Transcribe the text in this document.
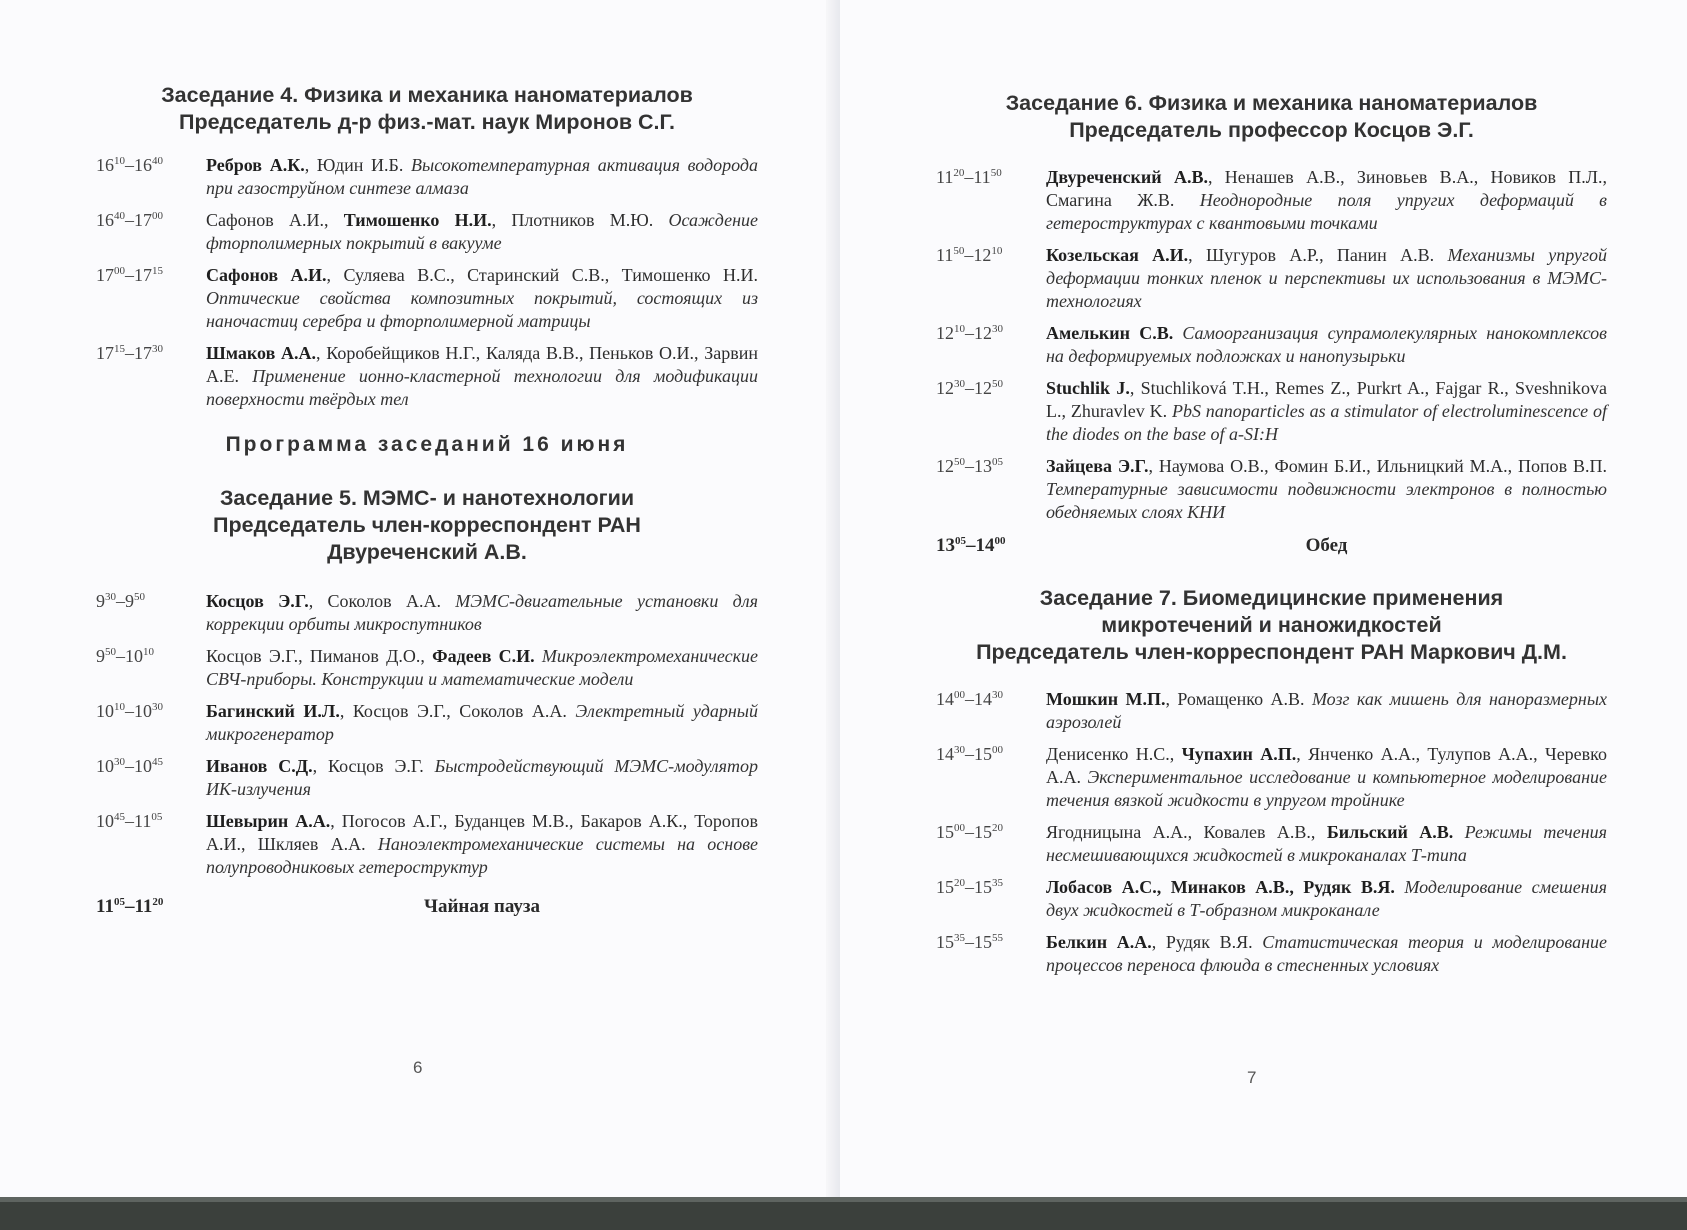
Заседание 4. Физика и механика наноматериалов
Председатель д-р физ.-мат. наук Миронов С.Г.
$16^{10}-16^{40}$	Ребров А.К., Юдин И.Б. Высокотемпературная активация водорода при газоструйном синтезе алмаза
$16^{40}-17^{00}$	Сафонов А.И., Тимошенко Н.И., Плотников М.Ю. Осаждение фторполимерных покрытий в вакууме
$17^{00}-17^{15}$	Сафонов А.И., Суляева В.С., Старинский С.В., Тимошенко Н.И. Оптические свойства композитных покрытий, состоящих из наночастиц серебра и фторполимерной матрицы
$17^{15}-17^{30}$	Шмаков А.А., Коробейщиков Н.Г., Каляда В.В., Пеньков О.И., Зарвин А.Е. Применение ионно-кластерной технологии для модификации поверхности твёрдых тел
Программа заседаний 16 июня
Заседание 5. МЭМС- и нанотехнологии
Председатель член-корреспондент РАН
Двуреченский А.В.
$9^{30}-9^{50}$	Косцов Э.Г., Соколов А.А. МЭМС-двигательные установки для коррекции орбиты микроспутников
$9^{50}-10^{10}$	Косцов Э.Г., Пиманов Д.О., Фадеев С.И. Микроэлектромеханические СВЧ-приборы. Конструкции и математические модели
$10^{10}-10^{30}$	Багинский И.Л., Косцов Э.Г., Соколов А.А. Электретный ударный микрогенератор
$10^{30}-10^{45}$	Иванов С.Д., Косцов Э.Г. Быстродействующий МЭМС-модулятор ИК-излучения
$10^{45}-11^{05}$	Шевырин А.А., Погосов А.Г., Буданцев М.В., Бакаров А.К., Торопов А.И., Шкляев А.А. Наноэлектромеханические системы на основе полупроводниковых гетероструктур
$11^{05}-11^{20}$	Чайная пауза
Заседание 6. Физика и механика наноматериалов
Председатель профессор Косцов Э.Г.
$11^{20}-11^{50}$	Двуреченский А.В., Ненашев А.В., Зиновьев В.А., Новиков П.Л., Смагина Ж.В. Неоднородные поля упругих деформаций в гетероструктурах с квантовыми точками
$11^{50}-12^{10}$	Козельская А.И., Шугуров А.Р., Панин А.В. Механизмы упругой деформации тонких пленок и перспективы их использования в МЭМС-технологиях
$12^{10}-12^{30}$	Амелькин С.В. Самоорганизация супрамолекулярных нанокомплексов на деформируемых подложках и нанопузырьки
$12^{30}-12^{50}$	Stuchlik J., Stuchliková T.H., Remes Z., Purkrt A., Fajgar R., Sveshnikova L., Zhuravlev K. PbS nanoparticles as a stimulator of electroluminescence of the diodes on the base of a-SI:H
$12^{50}-13^{05}$	Зайцева Э.Г., Наумова О.В., Фомин Б.И., Ильницкий М.А., Попов В.П. Температурные зависимости подвижности электронов в полностью обедняемых слоях КНИ
$13^{05}-14^{00}$	Обед
Заседание 7. Биомедицинские применения
микротечений и наножидкостей
Председатель член-корреспондент РАН Маркович Д.М.
$14^{00}-14^{30}$	Мошкин М.П., Ромащенко А.В. Мозг как мишень для наноразмерных аэрозолей
$14^{30}-15^{00}$	Денисенко Н.С., Чупахин А.П., Янченко А.А., Тулупов А.А., Черевко А.А. Экспериментальное исследование и компьютерное моделирование течения вязкой жидкости в упругом тройнике
$15^{00}-15^{20}$	Ягодницына А.А., Ковалев А.В., Бильский А.В. Режимы течения несмешивающихся жидкостей в микроканалах Т-типа
$15^{20}-15^{35}$	Лобасов А.С., Минаков А.В., Рудяк В.Я. Моделирование смешения двух жидкостей в Т-образном микроканале
$15^{35}-15^{55}$	Белкин А.А., Рудяк В.Я. Статистическая теория и моделирование процессов переноса флюида в стесненных условиях
6
7
